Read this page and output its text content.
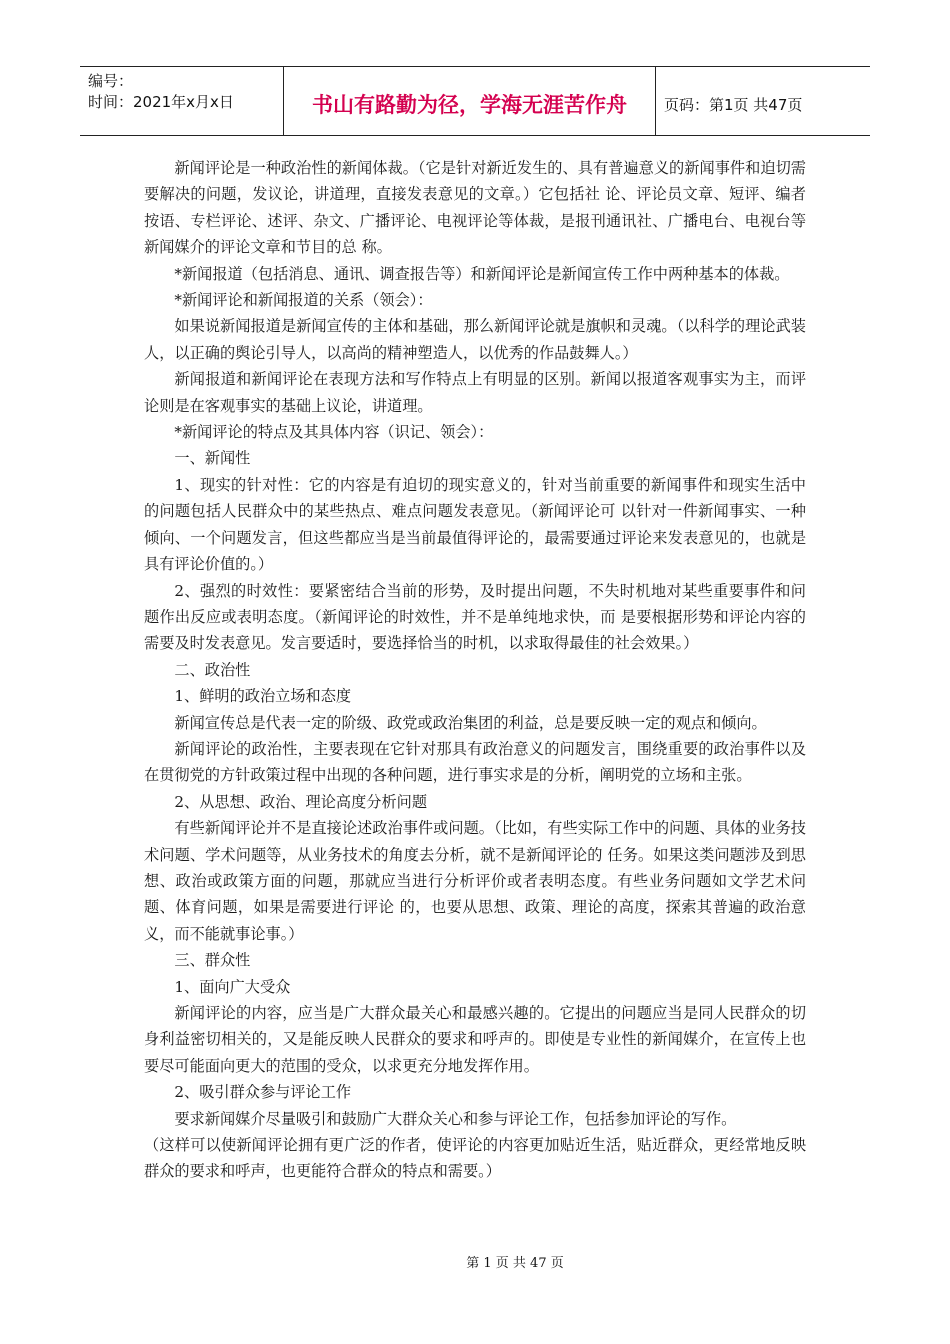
编号：
时间：2021年x月x日	书山有路勤为径，学海无涯苦作舟	页码：第1页 共47页

新闻评论是一种政治性的新闻体裁。（它是针对新近发生的、具有普遍意义的新闻事件和迫切需要解决的问题，发议论，讲道理，直接发表意见的文章。）它包括社 论、评论员文章、短评、编者按语、专栏评论、述评、杂文、广播评论、电视评论等体裁，是报刊通讯社、广播电台、电视台等新闻媒介的评论文章和节目的总 称。

*新闻报道（包括消息、通讯、调查报告等）和新闻评论是新闻宣传工作中两种基本的体裁。

*新闻评论和新闻报道的关系（领会）：

如果说新闻报道是新闻宣传的主体和基础，那么新闻评论就是旗帜和灵魂。（以科学的理论武装人，以正确的舆论引导人，以高尚的精神塑造人，以优秀的作品鼓舞人。）

新闻报道和新闻评论在表现方法和写作特点上有明显的区别。新闻以报道客观事实为主，而评论则是在客观事实的基础上议论，讲道理。

*新闻评论的特点及其具体内容（识记、领会）：

一、新闻性

1、现实的针对性：它的内容是有迫切的现实意义的，针对当前重要的新闻事件和现实生活中的问题包括人民群众中的某些热点、难点问题发表意见。（新闻评论可 以针对一件新闻事实、一种倾向、一个问题发言，但这些都应当是当前最值得评论的，最需要通过评论来发表意见的，也就是具有评论价值的。）

2、强烈的时效性：要紧密结合当前的形势，及时提出问题，不失时机地对某些重要事件和问题作出反应或表明态度。（新闻评论的时效性，并不是单纯地求快，而 是要根据形势和评论内容的需要及时发表意见。发言要适时，要选择恰当的时机，以求取得最佳的社会效果。）

二、政治性

1、鲜明的政治立场和态度

新闻宣传总是代表一定的阶级、政党或政治集团的利益，总是要反映一定的观点和倾向。

新闻评论的政治性，主要表现在它针对那具有政治意义的问题发言，围绕重要的政治事件以及在贯彻党的方针政策过程中出现的各种问题，进行事实求是的分析，阐明党的立场和主张。

2、从思想、政治、理论高度分析问题

有些新闻评论并不是直接论述政治事件或问题。（比如，有些实际工作中的问题、具体的业务技术问题、学术问题等，从业务技术的角度去分析，就不是新闻评论的 任务。如果这类问题涉及到思想、政治或政策方面的问题，那就应当进行分析评价或者表明态度。有些业务问题如文学艺术问题、体育问题，如果是需要进行评论 的，也要从思想、政策、理论的高度，探索其普遍的政治意义，而不能就事论事。）

三、群众性

1、面向广大受众

新闻评论的内容，应当是广大群众最关心和最感兴趣的。它提出的问题应当是同人民群众的切身利益密切相关的，又是能反映人民群众的要求和呼声的。即使是专业性的新闻媒介，在宣传上也要尽可能面向更大的范围的受众，以求更充分地发挥作用。

2、吸引群众参与评论工作

要求新闻媒介尽量吸引和鼓励广大群众关心和参与评论工作，包括参加评论的写作。

（这样可以使新闻评论拥有更广泛的作者，使评论的内容更加贴近生活，贴近群众，更经常地反映群众的要求和呼声，也更能符合群众的特点和需要。）

第 1 页 共 47 页
